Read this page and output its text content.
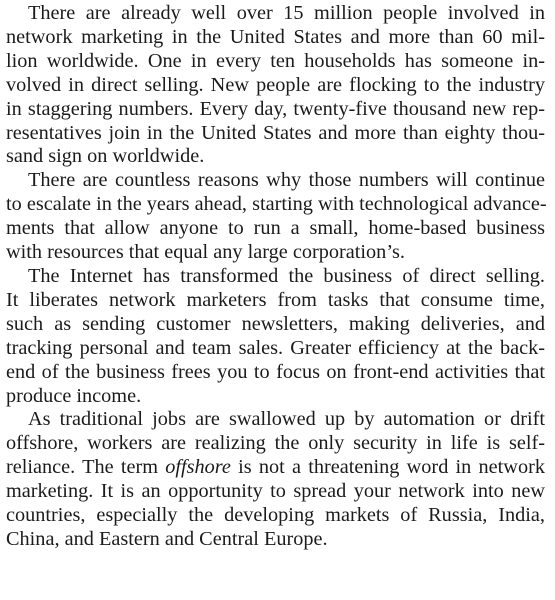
There are already well over 15 million people involved in
network marketing in the United States and more than 60 mil-
lion worldwide. One in every ten households has someone in-
volved in direct selling. New people are flocking to the industry
in staggering numbers. Every day, twenty-five thousand new rep-
resentatives join in the United States and more than eighty thou-
sand sign on worldwide.

There are countless reasons why those numbers will continue
to escalate in the years ahead, starting with technological advance-
ments that allow anyone to run a small, home-based business
with resources that equal any large corporation’s.

The Internet has transformed the business of direct selling.
It liberates network marketers from tasks that consume time,
such as sending customer newsletters, making deliveries, and
tracking personal and team sales. Greater efficiency at the back-
end of the business frees you to focus on front-end activities that
produce income.

As traditional jobs are swallowed up by automation or drift
offshore, workers are realizing the only security in life is self-
reliance. The term offshore is not a threatening word in network
marketing. It is an opportunity to spread your network into new
countries, especially the developing markets of Russia, India,
China, and Eastern and Central Europe.
